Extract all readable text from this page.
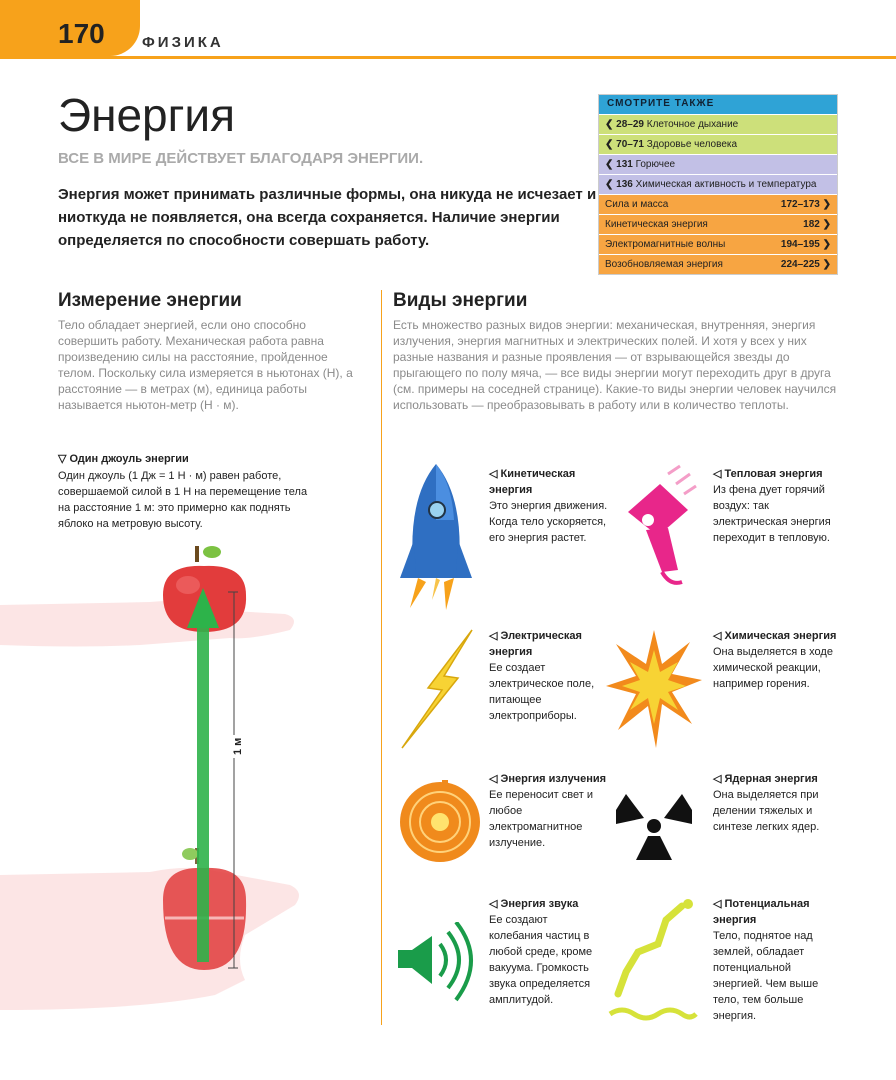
170 ФИЗИКА
Энергия
ВСЕ В МИРЕ ДЕЙСТВУЕТ БЛАГОДАРЯ ЭНЕРГИИ.
Энергия может принимать различные формы, она никуда не исчезает и ниоткуда не появляется, она всегда сохраняется. Наличие энергии определяется по способности совершать работу.
СМОТРИТЕ ТАКЖЕ
❮ 28–29 Клеточное дыхание
❮ 70–71 Здоровье человека
❮ 131 Горючее
❮ 136 Химическая активность и температура
Сила и масса	172–173 ❯
Кинетическая энергия	182 ❯
Электромагнитные волны	194–195 ❯
Возобновляемая энергия	224–225 ❯
Измерение энергии
Тело обладает энергией, если оно способно совершить работу. Механическая работа равна произведению силы на расстояние, пройденное телом. Поскольку сила измеряется в ньютонах (Н), а расстояние — в метрах (м), единица работы называется ньютон-метр (Н · м).
▽ Один джоуль энергии
Один джоуль (1 Дж = 1 Н · м) равен работе, совершаемой силой в 1 Н на перемещение тела на расстояние 1 м: это примерно как поднять яблоко на метровую высоту.
1 м
Виды энергии
Есть множество разных видов энергии: механическая, внутренняя, энергия излучения, энергия магнитных и электрических полей. И хотя у всех у них разные названия и разные проявления — от взрывающейся звезды до прыгающего по полу мяча, — все виды энергии могут переходить друг в друга (см. примеры на соседней странице). Какие-то виды энергии человек научился использовать — преобразовывать в работу или в количество теплоты.
◁ Кинетическая энергия
Это энергия движения. Когда тело ускоряется, его энергия растет.
◁ Тепловая энергия
Из фена дует горячий воздух: так электрическая энергия переходит в тепловую.
◁ Электрическая энергия
Ее создает электрическое поле, питающее электроприборы.
◁ Химическая энергия
Она выделяется в ходе химической реакции, например горения.
◁ Энергия излучения
Ее переносит свет и любое электромагнитное излучение.
◁ Ядерная энергия
Она выделяется при делении тяжелых и синтезе легких ядер.
◁ Энергия звука
Ее создают колебания частиц в любой среде, кроме вакуума. Громкость звука определяется амплитудой.
◁ Потенциальная энергия
Тело, поднятое над землей, обладает потенциальной энергией. Чем выше тело, тем больше энергия.
